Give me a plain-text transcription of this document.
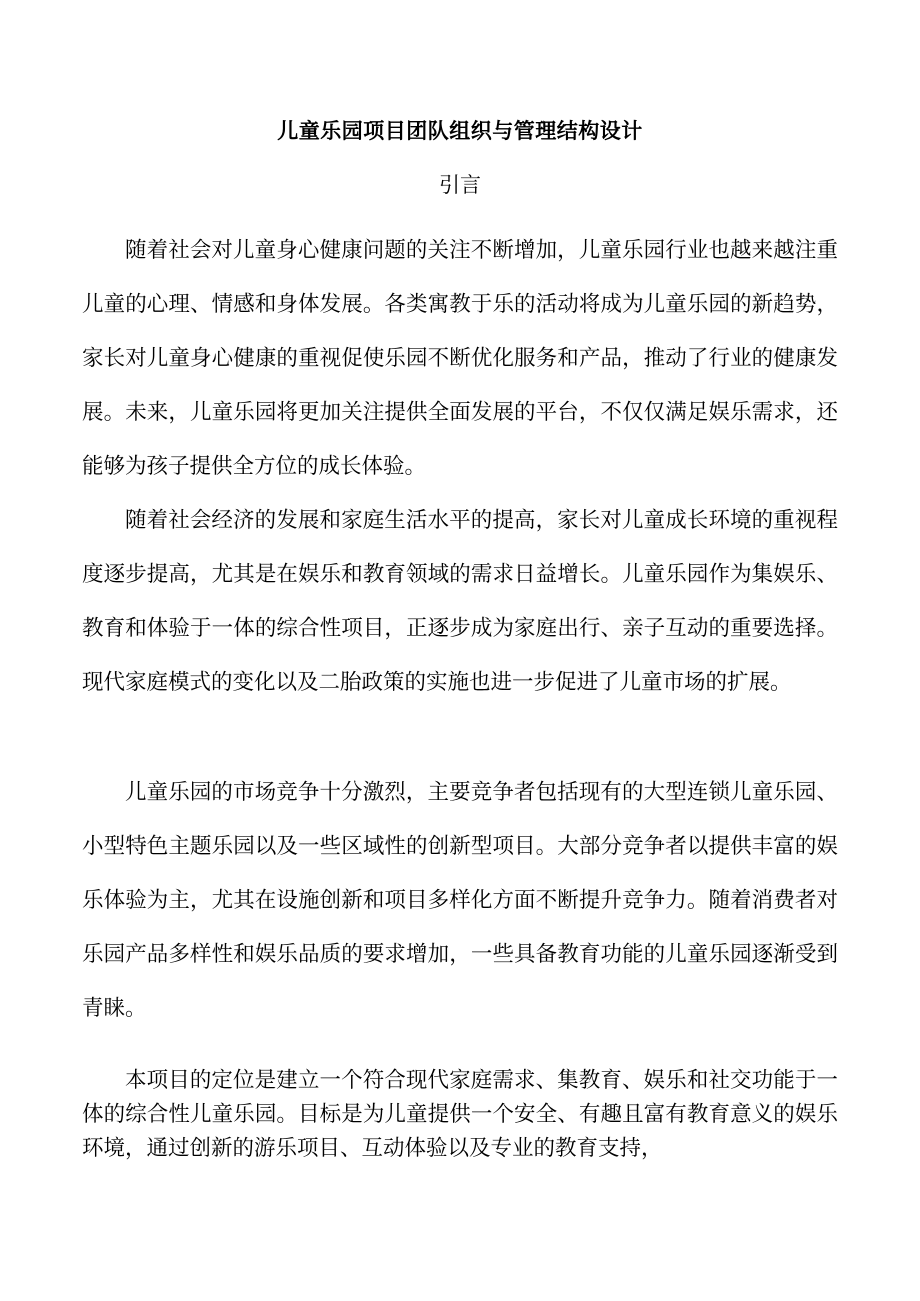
儿童乐园项目团队组织与管理结构设计
引言

随着社会对儿童身心健康问题的关注不断增加，儿童乐园行业也越来越注重儿童的心理、情感和身体发展。各类寓教于乐的活动将成为儿童乐园的新趋势，家长对儿童身心健康的重视促使乐园不断优化服务和产品，推动了行业的健康发展。未来，儿童乐园将更加关注提供全面发展的平台，不仅仅满足娱乐需求，还能够为孩子提供全方位的成长体验。

随着社会经济的发展和家庭生活水平的提高，家长对儿童成长环境的重视程度逐步提高，尤其是在娱乐和教育领域的需求日益增长。儿童乐园作为集娱乐、教育和体验于一体的综合性项目，正逐步成为家庭出行、亲子互动的重要选择。现代家庭模式的变化以及二胎政策的实施也进一步促进了儿童市场的扩展。

儿童乐园的市场竞争十分激烈，主要竞争者包括现有的大型连锁儿童乐园、小型特色主题乐园以及一些区域性的创新型项目。大部分竞争者以提供丰富的娱乐体验为主，尤其在设施创新和项目多样化方面不断提升竞争力。随着消费者对乐园产品多样性和娱乐品质的要求增加，一些具备教育功能的儿童乐园逐渐受到青睐。

本项目的定位是建立一个符合现代家庭需求、集教育、娱乐和社交功能于一体的综合性儿童乐园。目标是为儿童提供一个安全、有趣且富有教育意义的娱乐环境，通过创新的游乐项目、互动体验以及专业的教育支持，
